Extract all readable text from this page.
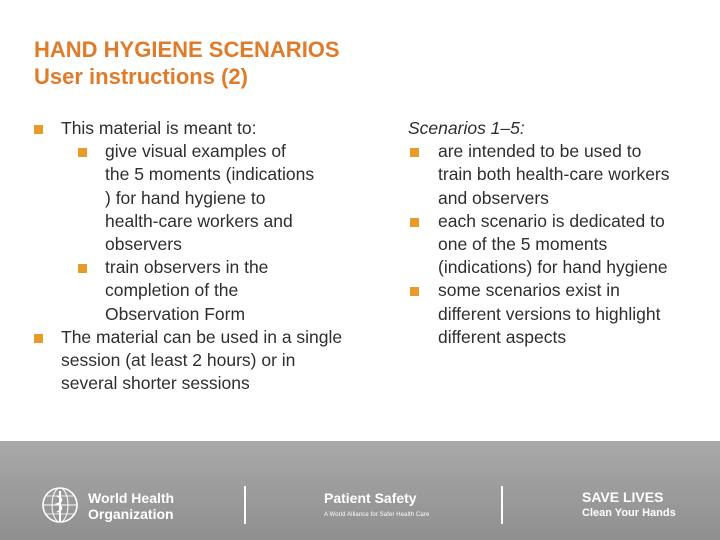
HAND HYGIENE SCENARIOS
User instructions (2)
This material is meant to:
give visual examples of the 5 moments (indications ) for hand hygiene to health-care workers and observers
train observers in the completion of the Observation Form
The material can be used in a single session (at least 2 hours) or in several shorter sessions
Scenarios 1–5:
are intended to be used to train both health-care workers and observers
each scenario is dedicated to one of the 5 moments (indications) for hand hygiene
some scenarios exist in different versions to highlight different aspects
World Health
Organization
Patient Safety
A World Alliance for Safer Health Care
SAVE LIVES
Clean Your Hands
